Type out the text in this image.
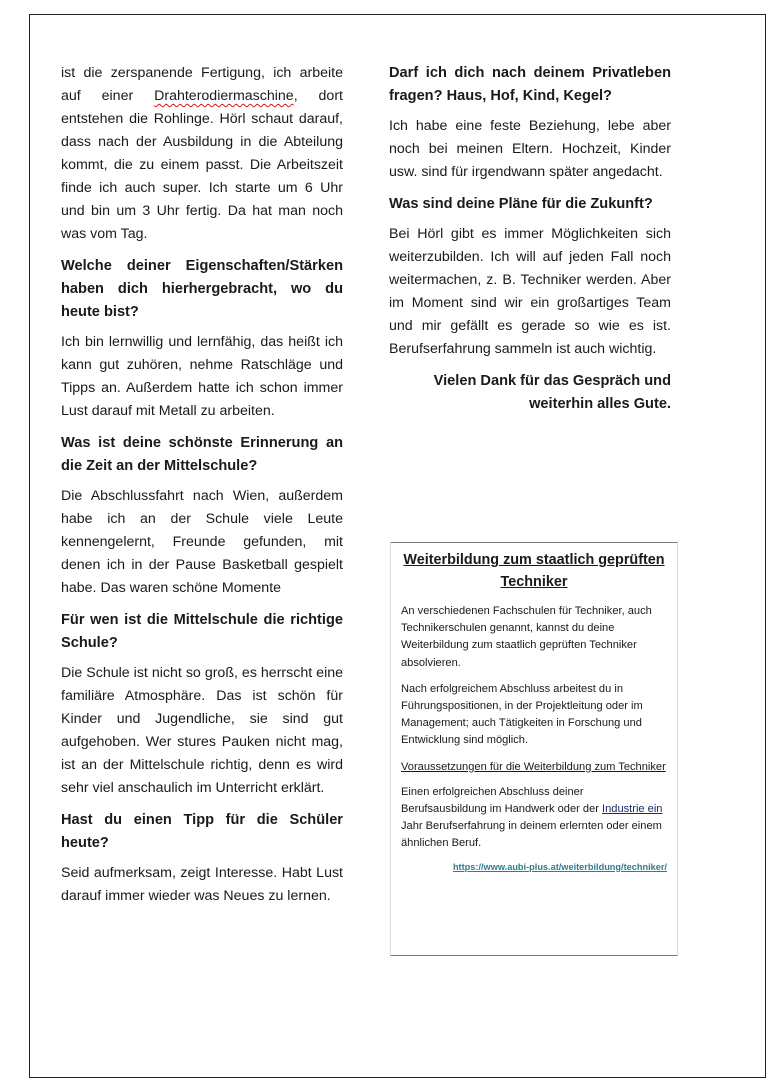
ist die zerspanende Fertigung, ich arbeite auf einer Drahterodiermaschine, dort entstehen die Rohlinge. Hörl schaut darauf, dass nach der Ausbildung in die Abteilung kommt, die zu einem passt. Die Arbeitszeit finde ich auch super. Ich starte um 6 Uhr und bin um 3 Uhr fertig. Da hat man noch was vom Tag.

Welche deiner Eigenschaften/Stärken haben dich hierhergebracht, wo du heute bist?

Ich bin lernwillig und lernfähig, das heißt ich kann gut zuhören, nehme Ratschläge und Tipps an. Außerdem hatte ich schon immer Lust darauf mit Metall zu arbeiten.

Was ist deine schönste Erinnerung an die Zeit an der Mittelschule?

Die Abschlussfahrt nach Wien, außerdem habe ich an der Schule viele Leute kennengelernt, Freunde gefunden, mit denen ich in der Pause Basketball gespielt habe. Das waren schöne Momente

Für wen ist die Mittelschule die richtige Schule?

Die Schule ist nicht so groß, es herrscht eine familiäre Atmosphäre. Das ist schön für Kinder und Jugendliche, sie sind gut aufgehoben. Wer stures Pauken nicht mag, ist an der Mittelschule richtig, denn es wird sehr viel anschaulich im Unterricht erklärt.

Hast du einen Tipp für die Schüler heute?

Seid aufmerksam, zeigt Interesse. Habt Lust darauf immer wieder was Neues zu lernen.

Darf ich dich nach deinem Privatleben fragen? Haus, Hof, Kind, Kegel?

Ich habe eine feste Beziehung, lebe aber noch bei meinen Eltern. Hochzeit, Kinder usw. sind für irgendwann später angedacht.

Was sind deine Pläne für die Zukunft?

Bei Hörl gibt es immer Möglichkeiten sich weiterzubilden. Ich will auf jeden Fall noch weitermachen, z. B. Techniker werden. Aber im Moment sind wir ein großartiges Team und mir gefällt es gerade so wie es ist. Berufserfahrung sammeln ist auch wichtig.

Vielen Dank für das Gespräch und weiterhin alles Gute.
Weiterbildung zum staatlich geprüften Techniker
An verschiedenen Fachschulen für Techniker, auch Technikerschulen genannt, kannst du deine Weiterbildung zum staatlich geprüften Techniker absolvieren.
Nach erfolgreichem Abschluss arbeitest du in Führungspositionen, in der Projektleitung oder im Management; auch Tätigkeiten in Forschung und Entwicklung sind möglich.
Voraussetzungen für die Weiterbildung zum Techniker
Einen erfolgreichen Abschluss deiner Berufsausbildung im Handwerk oder der Industrie ein Jahr Berufserfahrung in deinem erlernten oder einem ähnlichen Beruf.
https://www.aubi-plus.at/weiterbildung/techniker/
